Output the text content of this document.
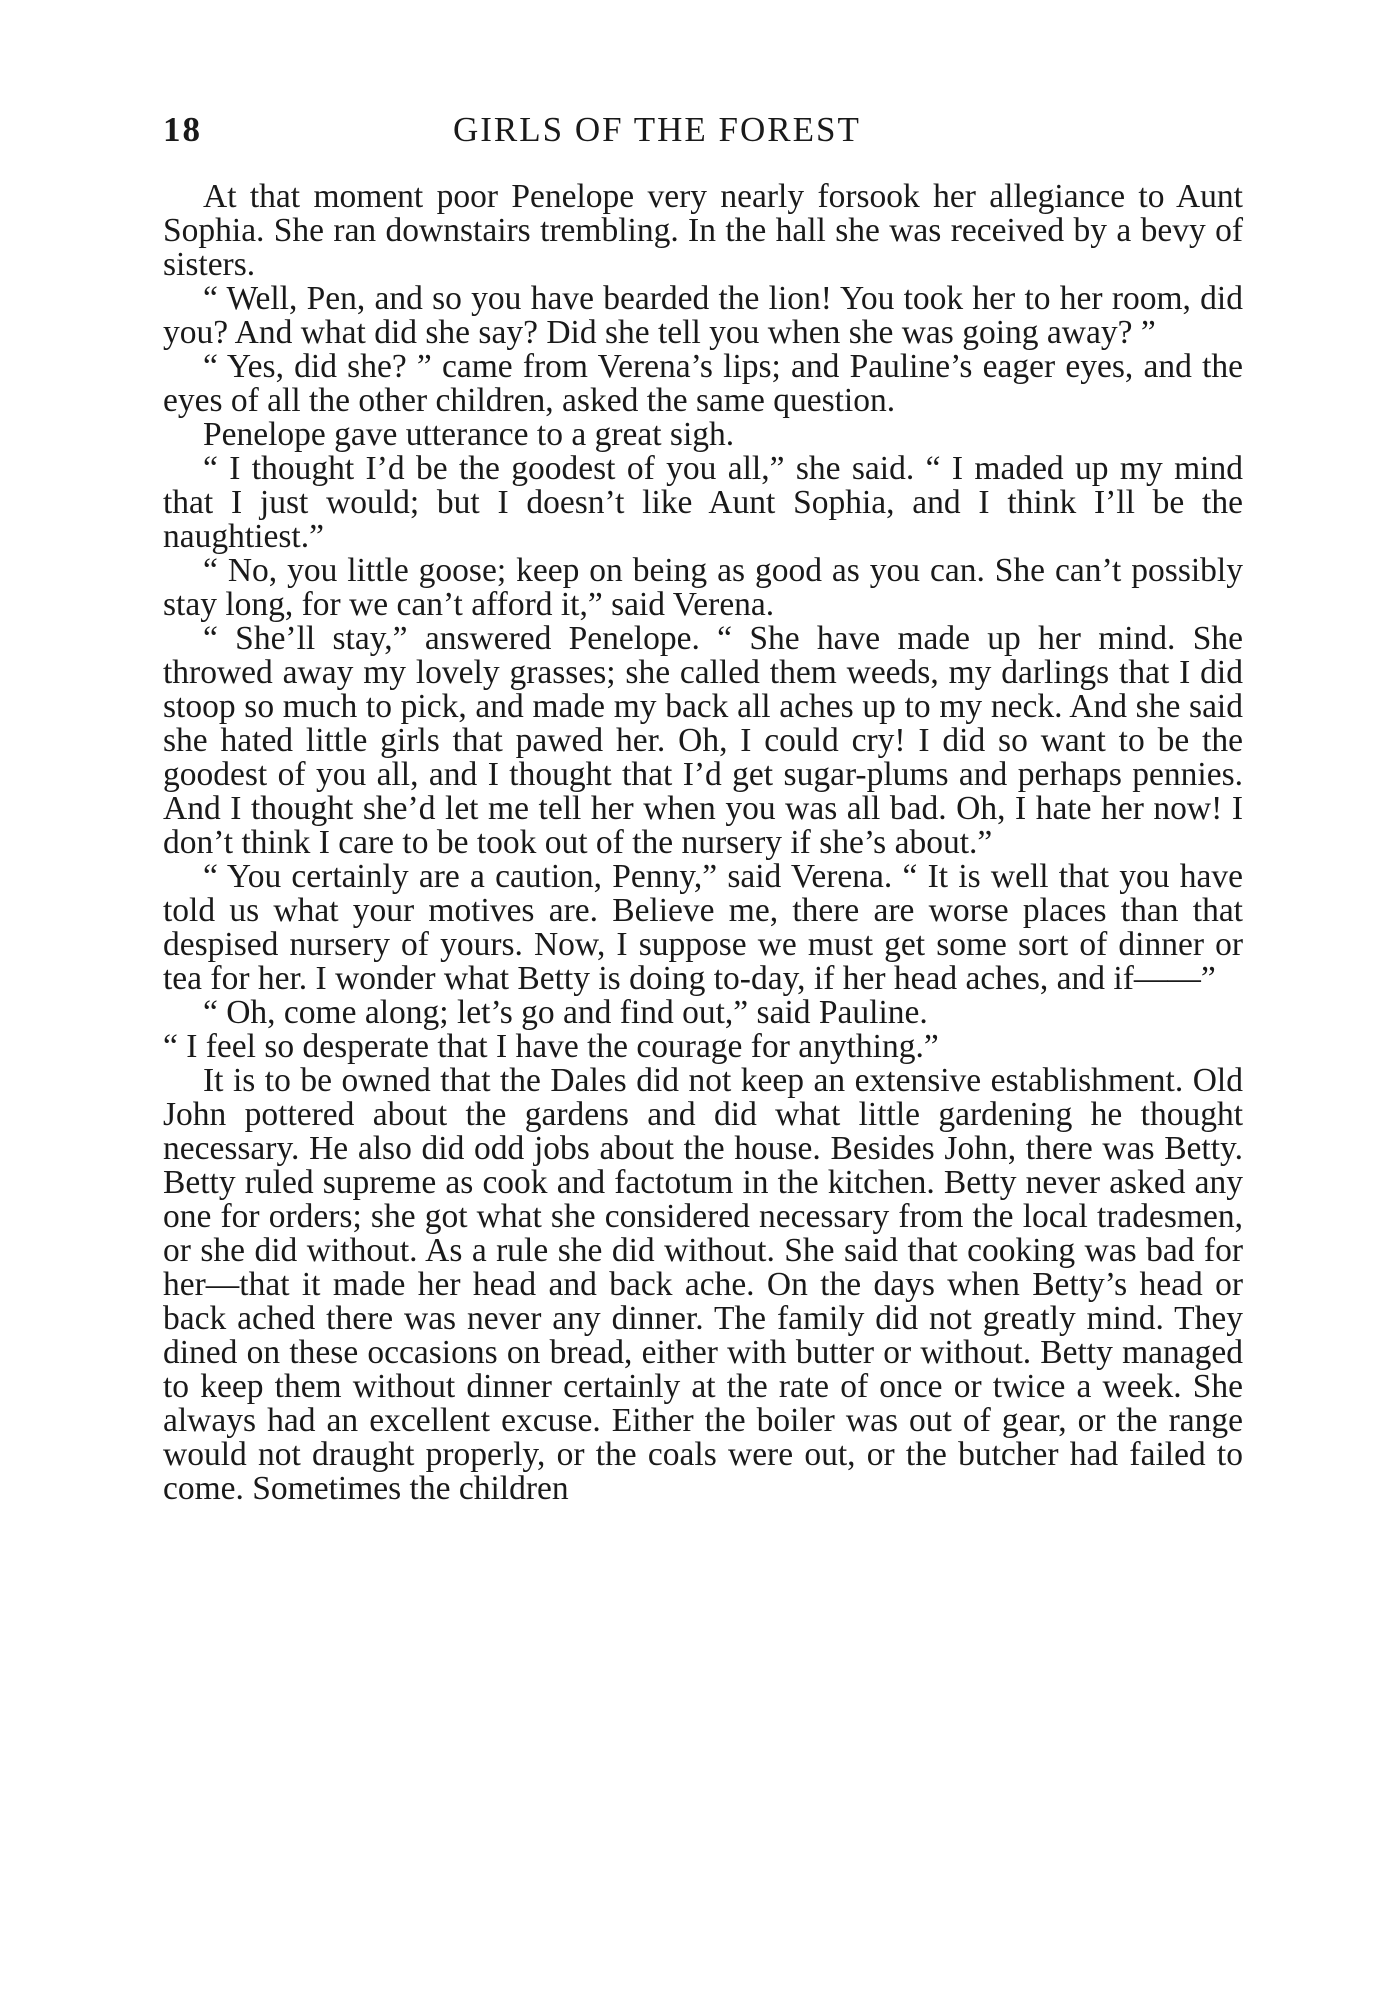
18	GIRLS OF THE FOREST

At that moment poor Penelope very nearly forsook her allegiance to Aunt Sophia. She ran downstairs trembling. In the hall she was received by a bevy of sisters.

“ Well, Pen, and so you have bearded the lion! You took her to her room, did you? And what did she say? Did she tell you when she was going away? ”

“ Yes, did she? ” came from Verena’s lips; and Pauline’s eager eyes, and the eyes of all the other children, asked the same question.

Penelope gave utterance to a great sigh.

“ I thought I’d be the goodest of you all,” she said. “ I maded up my mind that I just would; but I doesn’t like Aunt Sophia, and I think I’ll be the naughtiest.”

“ No, you little goose; keep on being as good as you can. She can’t possibly stay long, for we can’t afford it,” said Verena.

“ She’ll stay,” answered Penelope. “ She have made up her mind. She throwed away my lovely grasses; she called them weeds, my darlings that I did stoop so much to pick, and made my back all aches up to my neck. And she said she hated little girls that pawed her. Oh, I could cry! I did so want to be the goodest of you all, and I thought that I’d get sugar-plums and perhaps pennies. And I thought she’d let me tell her when you was all bad. Oh, I hate her now! I don’t think I care to be took out of the nursery if she’s about.”

“ You certainly are a caution, Penny,” said Verena. “ It is well that you have told us what your motives are. Believe me, there are worse places than that despised nursery of yours. Now, I suppose we must get some sort of dinner or tea for her. I wonder what Betty is doing to-day, if her head aches, and if——”

“ Oh, come along; let’s go and find out,” said Pauline.

“ I feel so desperate that I have the courage for anything.”

It is to be owned that the Dales did not keep an extensive establishment. Old John pottered about the gardens and did what little gardening he thought necessary. He also did odd jobs about the house. Besides John, there was Betty. Betty ruled supreme as cook and factotum in the kitchen. Betty never asked any one for orders; she got what she considered necessary from the local tradesmen, or she did without. As a rule she did without. She said that cooking was bad for her—that it made her head and back ache. On the days when Betty’s head or back ached there was never any dinner. The family did not greatly mind. They dined on these occasions on bread, either with butter or without. Betty managed to keep them without dinner certainly at the rate of once or twice a week. She always had an excellent excuse. Either the boiler was out of gear, or the range would not draught properly, or the coals were out, or the butcher had failed to come. Sometimes the children
